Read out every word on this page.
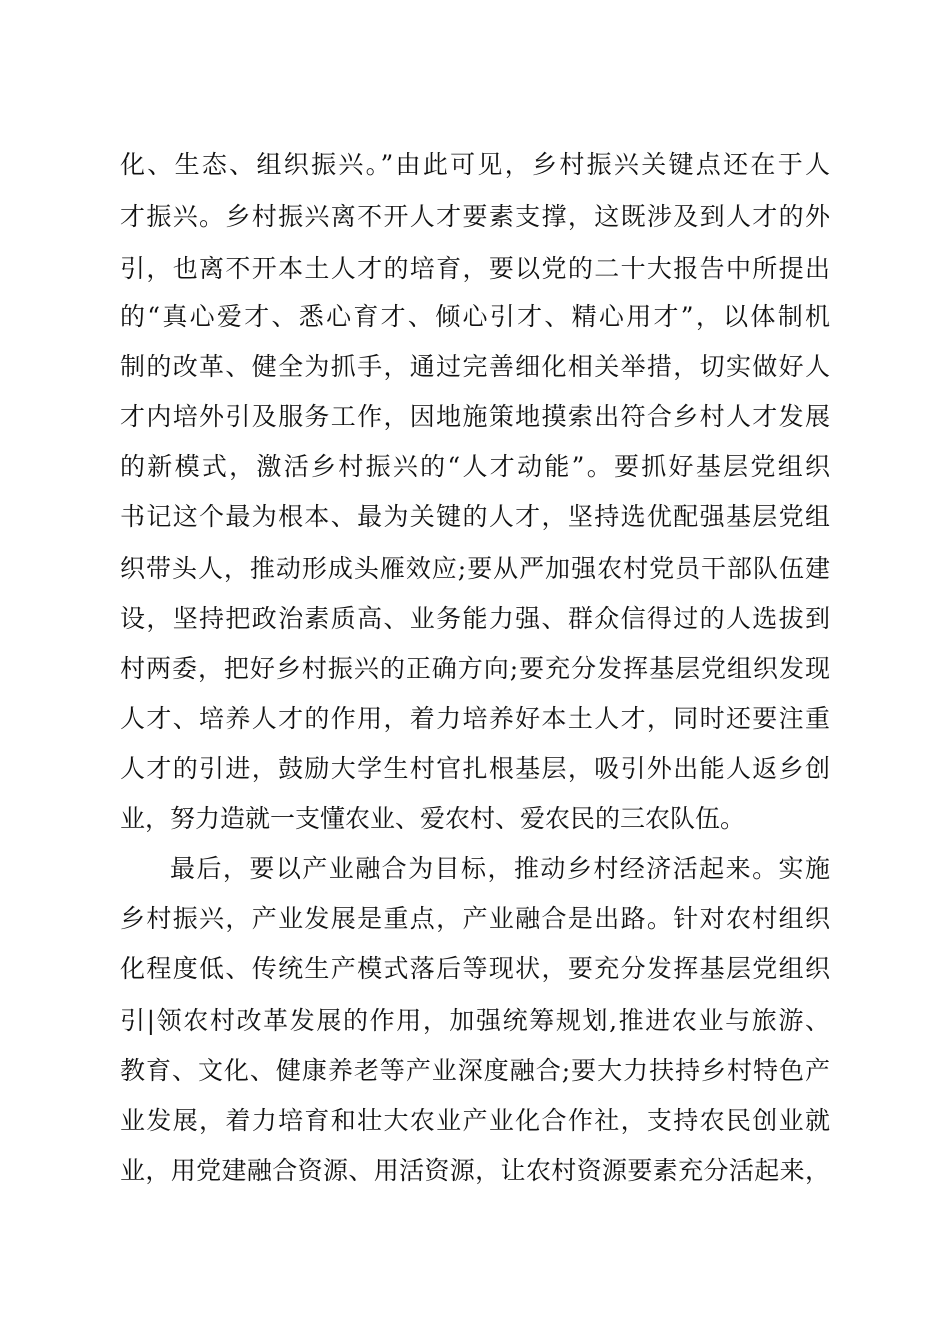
化、生态、组织振兴。”由此可见，乡村振兴关键点还在于人
才振兴。乡村振兴离不开人才要素支撑，这既涉及到人才的外
引，也离不开本土人才的培育，要以党的二十大报告中所提出
的“真心爱才、悉心育才、倾心引才、精心用才”，以体制机
制的改革、健全为抓手，通过完善细化相关举措，切实做好人
才内培外引及服务工作，因地施策地摸索出符合乡村人才发展
的新模式，激活乡村振兴的“人才动能”。要抓好基层党组织
书记这个最为根本、最为关键的人才，坚持选优配强基层党组
织带头人，推动形成头雁效应;要从严加强农村党员干部队伍建
设，坚持把政治素质高、业务能力强、群众信得过的人选拔到
村两委，把好乡村振兴的正确方向;要充分发挥基层党组织发现
人才、培养人才的作用，着力培养好本土人才，同时还要注重
人才的引进，鼓励大学生村官扎根基层，吸引外出能人返乡创
业，努力造就一支懂农业、爱农村、爱农民的三农队伍。
最后，要以产业融合为目标，推动乡村经济活起来。实施
乡村振兴，产业发展是重点，产业融合是出路。针对农村组织
化程度低、传统生产模式落后等现状，要充分发挥基层党组织
引|领农村改革发展的作用，加强统筹规划,推进农业与旅游、
教育、文化、健康养老等产业深度融合;要大力扶持乡村特色产
业发展，着力培育和壮大农业产业化合作社，支持农民创业就
业，用党建融合资源、用活资源，让农村资源要素充分活起来，
